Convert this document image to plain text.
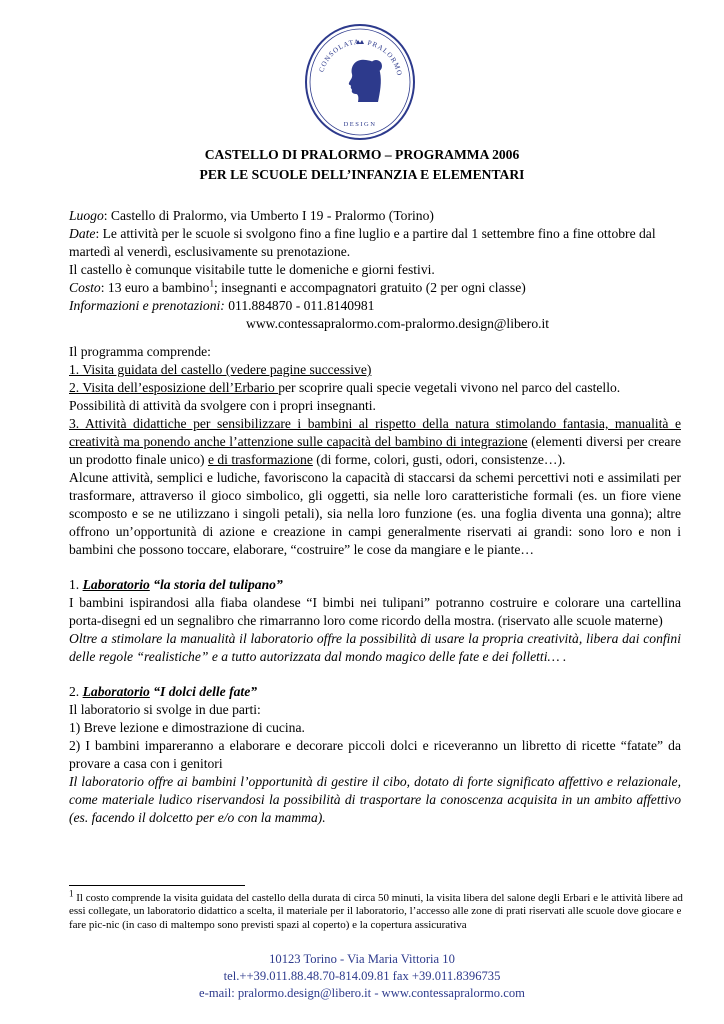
CONSOLATA PRALORMO
DESIGN
CASTELLO DI PRALORMO – PROGRAMMA 2006
PER LE SCUOLE DELL’INFANZIA E ELEMENTARI

Luogo: Castello di Pralormo, via Umberto I 19 - Pralormo (Torino)

Date: Le attività per le scuole si svolgono fino a fine luglio e a partire dal 1 settembre fino a fine ottobre dal martedì al venerdì, esclusivamente su prenotazione.

Il castello è comunque visitabile tutte le domeniche e giorni festivi.

Costo: 13 euro a bambino$^1$; insegnanti e accompagnatori gratuito (2 per ogni classe)

Informazioni e prenotazioni: 011.884870 - 011.8140981

www.contessapralormo.com-pralormo.design@libero.it

Il programma comprende:

1. Visita guidata del castello (vedere pagine successive)

2. Visita dell’esposizione dell’Erbario per scoprire quali specie vegetali vivono nel parco del castello.

Possibilità di attività da svolgere con i propri insegnanti.

3. Attività didattiche per sensibilizzare i bambini al rispetto della natura stimolando fantasia, manualità e creatività ma ponendo anche l’attenzione sulle capacità del bambino di integrazione (elementi diversi per creare un prodotto finale unico) e di trasformazione (di forme, colori, gusti, odori, consistenze…).

Alcune attività, semplici e ludiche, favoriscono la capacità di staccarsi da schemi percettivi noti e assimilati per trasformare, attraverso il gioco simbolico, gli oggetti, sia nelle loro caratteristiche formali (es. un fiore viene scomposto e se ne utilizzano i singoli petali), sia nella loro funzione (es. una foglia diventa una gonna); altre offrono un’opportunità di azione e creazione in campi generalmente riservati ai grandi: sono loro e non i bambini che possono toccare, elaborare, “costruire” le cose da mangiare e le piante…

1. Laboratorio “la storia del tulipano”

I bambini ispirandosi alla fiaba olandese “I bimbi nei tulipani” potranno costruire e colorare una cartellina porta-disegni ed un segnalibro che rimarranno loro come ricordo della mostra. (riservato alle scuole materne)

Oltre a stimolare la manualità il laboratorio offre la possibilità di usare la propria creatività, libera dai confini delle regole “realistiche” e a tutto autorizzata dal mondo magico delle fate e dei folletti… .

2. Laboratorio “I dolci delle fate”

Il laboratorio si svolge in due parti:

1) Breve lezione e dimostrazione di cucina.

2) I bambini impareranno a elaborare e decorare piccoli dolci e riceveranno un libretto di ricette “fatate” da provare a casa con i genitori

Il laboratorio offre ai bambini l’opportunità di gestire il cibo, dotato di forte significato affettivo e relazionale, come materiale ludico riservandosi la possibilità di trasportare la conoscenza acquisita in un ambito affettivo (es. facendo il dolcetto per e/o con la mamma).

$^1$ Il costo comprende la visita guidata del castello della durata di circa 50 minuti, la visita libera del salone degli Erbari e le attività libere ad essi collegate, un laboratorio didattico a scelta, il materiale per il laboratorio, l’accesso alle zone di prati riservati alle scuole dove giocare e fare pic-nic (in caso di maltempo sono previsti spazi al coperto) e la copertura assicurativa
10123 Torino - Via Maria Vittoria 10
tel.++39.011.88.48.70-814.09.81 fax +39.011.8396735
e-mail: pralormo.design@libero.it - www.contessapralormo.com
